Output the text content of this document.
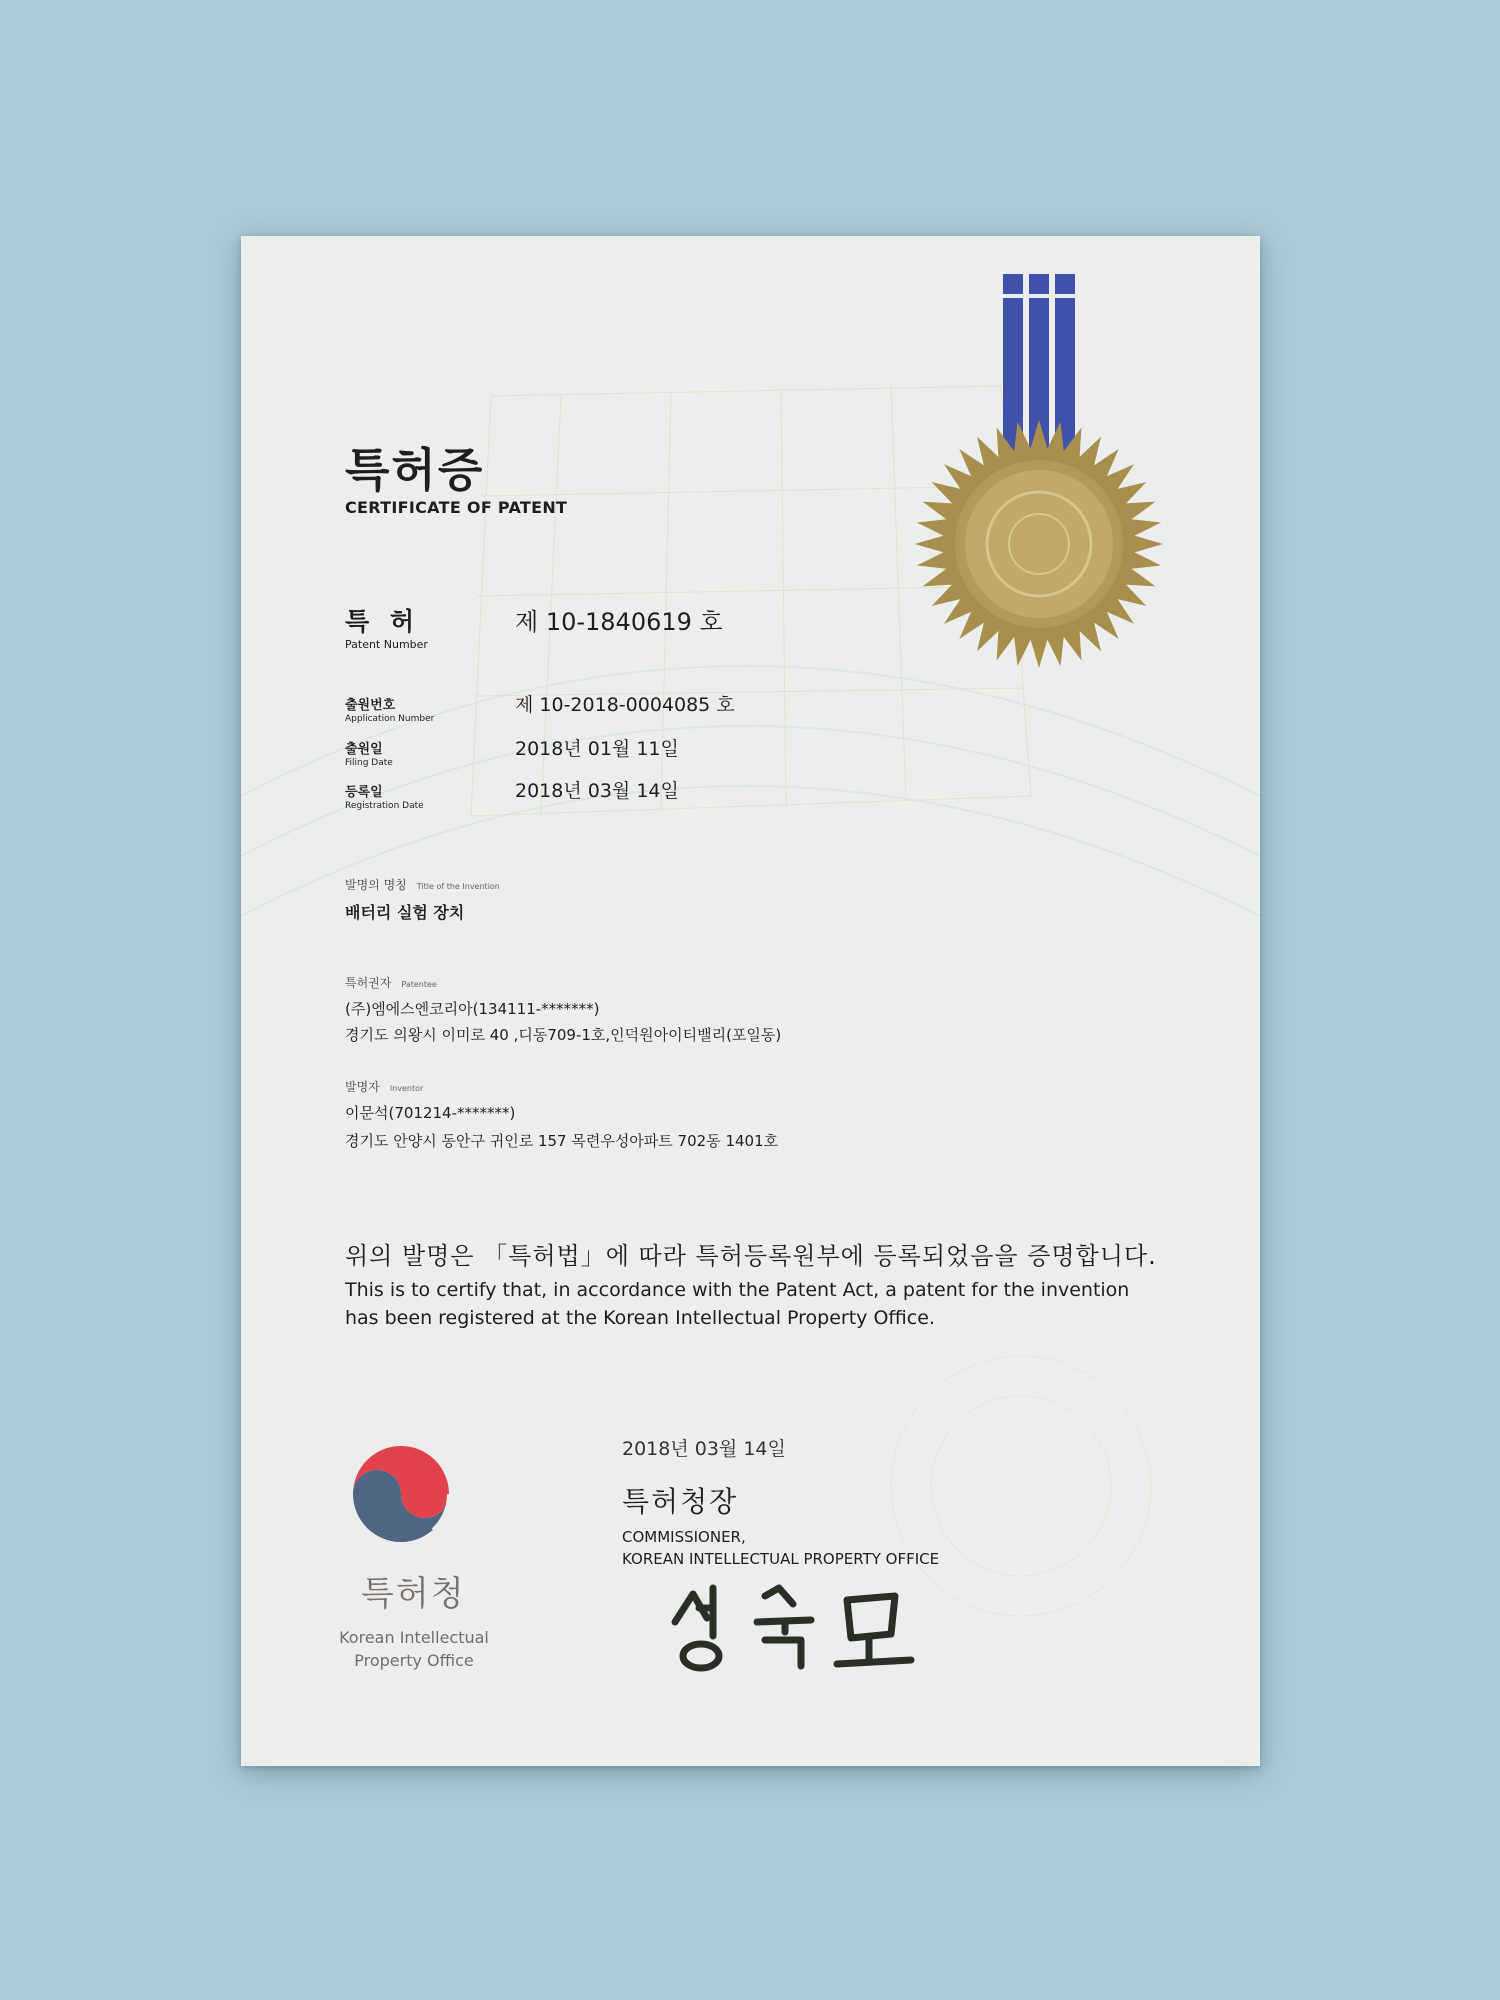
특허증
CERTIFICATE OF PATENT
특 허
Patent Number
제 10-1840619 호
출원번호
Application Number
제 10-2018-0004085 호
출원일
Filing Date
2018년 01월 11일
등록일
Registration Date
2018년 03월 14일
발명의 명칭 Title of the Invention
배터리 실험 장치
특허권자 Patentee
(주)엠에스엔코리아(134111-*******)
경기도 의왕시 이미로 40 ,디동709-1호,인덕원아이티밸리(포일동)
발명자 Inventor
이문석(701214-*******)
경기도 안양시 동안구 귀인로 157 목련우성아파트 702동 1401호
위의 발명은 「특허법」에 따라 특허등록원부에 등록되었음을 증명합니다.
This is to certify that, in accordance with the Patent Act, a patent for the invention
has been registered at the Korean Intellectual Property Office.
특허청
Korean Intellectual
Property Office
2018년 03월 14일
특허청장
COMMISSIONER,
KOREAN INTELLECTUAL PROPERTY OFFICE
